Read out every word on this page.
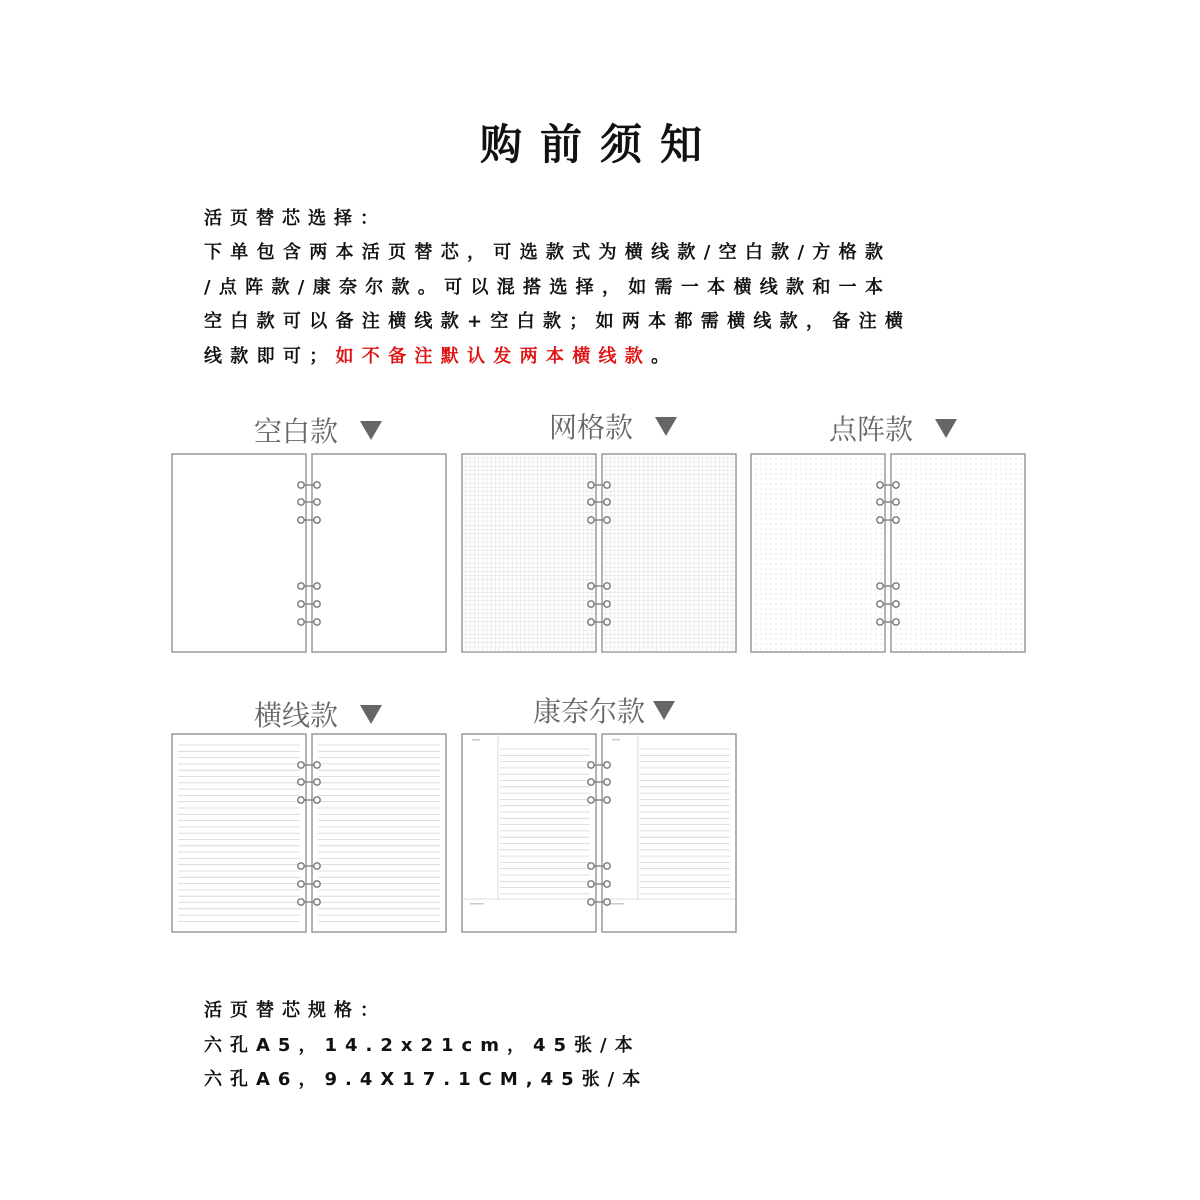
购前须知
活页替芯选择：
下单包含两本活页替芯，可选款式为横线款/空白款/方格款
/点阵款/康奈尔款。可以混搭选择，如需一本横线款和一本
空白款可以备注横线款+空白款；如两本都需横线款，备注横
线款即可；如不备注默认发两本横线款。
空白款	网格款	点阵款
横线款	康奈尔款
活页替芯规格：
六孔A5，14.2x21cm，45张/本
六孔A6，9.4X17.1CM,45张/本
